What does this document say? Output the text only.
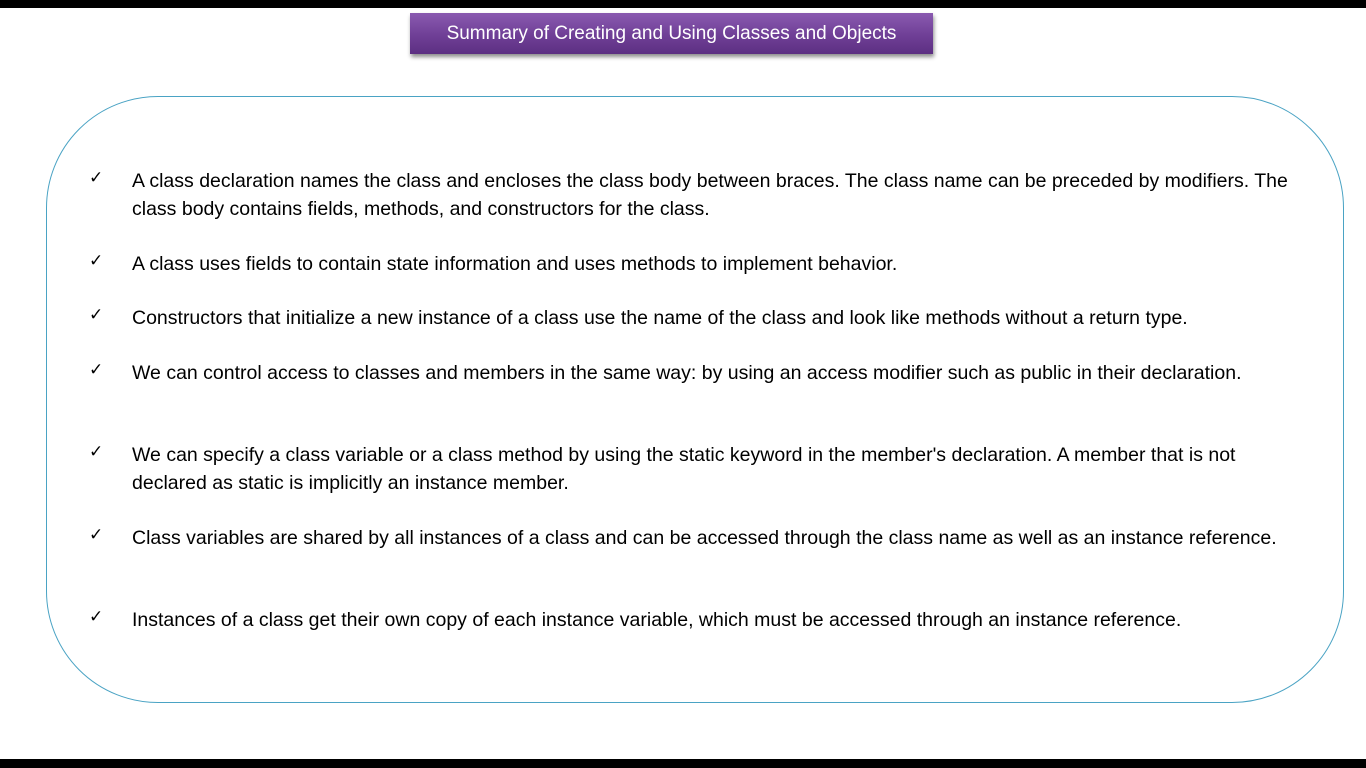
Summary of Creating and Using Classes and Objects
✓ A class declaration names the class and encloses the class body between braces. The class name can be preceded by modifiers. The class body contains fields, methods, and constructors for the class.

✓ A class uses fields to contain state information and uses methods to implement behavior.

✓ Constructors that initialize a new instance of a class use the name of the class and look like methods without a return type.

✓ We can control access to classes and members in the same way: by using an access modifier such as public in their declaration.

✓ We can specify a class variable or a class method by using the static keyword in the member's declaration. A member that is not declared as static is implicitly an instance member.

✓ Class variables are shared by all instances of a class and can be accessed through the class name as well as an instance reference.

✓ Instances of a class get their own copy of each instance variable, which must be accessed through an instance reference.
